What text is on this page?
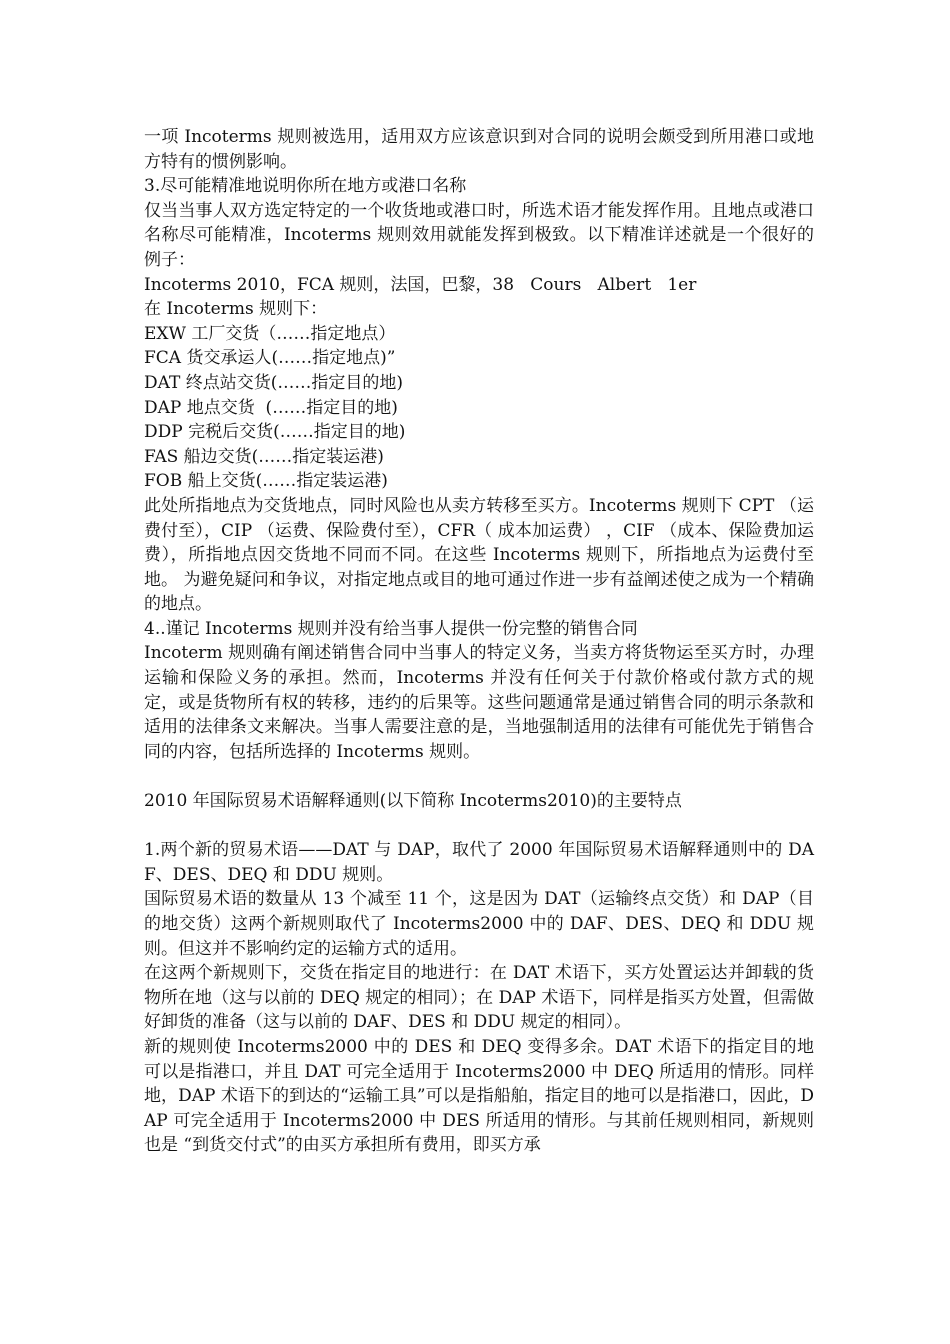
一项 Incoterms 规则被选用，适用双方应该意识到对合同的说明会颇受到所用港口或地方特有的惯例影响。

3.尽可能精准地说明你所在地方或港口名称

仅当当事人双方选定特定的一个收货地或港口时，所选术语才能发挥作用。且地点或港口名称尽可能精准，Incoterms 规则效用就能发挥到极致。以下精准详述就是一个很好的例子：

Incoterms 2010，FCA 规则，法国，巴黎，38   Cours   Albert   1er

在 Incoterms 规则下：

EXW 工厂交货（……指定地点）

FCA 货交承运人(……指定地点)”

DAT 终点站交货(……指定目的地)

DAP 地点交货  (……指定目的地)

DDP 完税后交货(……指定目的地)

FAS 船边交货(……指定装运港)

FOB 船上交货(……指定装运港)

此处所指地点为交货地点，同时风险也从卖方转移至买方。Incoterms 规则下 CPT （运费付至），CIP （运费、保险费付至），CFR（ 成本加运费） ，CIF （成本、保险费加运费），所指地点因交货地不同而不同。在这些 Incoterms 规则下，所指地点为运费付至地。 为避免疑问和争议，对指定地点或目的地可通过作进一步有益阐述使之成为一个精确的地点。

4..谨记 Incoterms 规则并没有给当事人提供一份完整的销售合同

Incoterm 规则确有阐述销售合同中当事人的特定义务，当卖方将货物运至买方时，办理运输和保险义务的承担。然而，Incoterms 并没有任何关于付款价格或付款方式的规定，或是货物所有权的转移，违约的后果等。这些问题通常是通过销售合同的明示条款和适用的法律条文来解决。当事人需要注意的是，当地强制适用的法律有可能优先于销售合同的内容，包括所选择的 Incoterms 规则。

2010 年国际贸易术语解释通则(以下简称 Incoterms2010)的主要特点

1.两个新的贸易术语——DAT 与 DAP，取代了 2000 年国际贸易术语解释通则中的 DAF、DES、DEQ 和 DDU 规则。

国际贸易术语的数量从 13 个减至 11 个，这是因为 DAT（运输终点交货）和 DAP（目的地交货）这两个新规则取代了 Incoterms2000 中的 DAF、DES、DEQ 和 DDU 规则。但这并不影响约定的运输方式的适用。

在这两个新规则下，交货在指定目的地进行：在 DAT 术语下，买方处置运达并卸载的货物所在地（这与以前的 DEQ 规定的相同）；在 DAP 术语下，同样是指买方处置，但需做好卸货的准备（这与以前的 DAF、DES 和 DDU 规定的相同）。

新的规则使 Incoterms2000 中的 DES 和 DEQ 变得多余。DAT 术语下的指定目的地可以是指港口，并且 DAT 可完全适用于 Incoterms2000 中 DEQ 所适用的情形。同样地，DAP 术语下的到达的“运输工具”可以是指船舶，指定目的地可以是指港口，因此，DAP 可完全适用于 Incoterms2000 中 DES 所适用的情形。与其前任规则相同，新规则也是 “到货交付式”的由买方承担所有费用，即买方承
